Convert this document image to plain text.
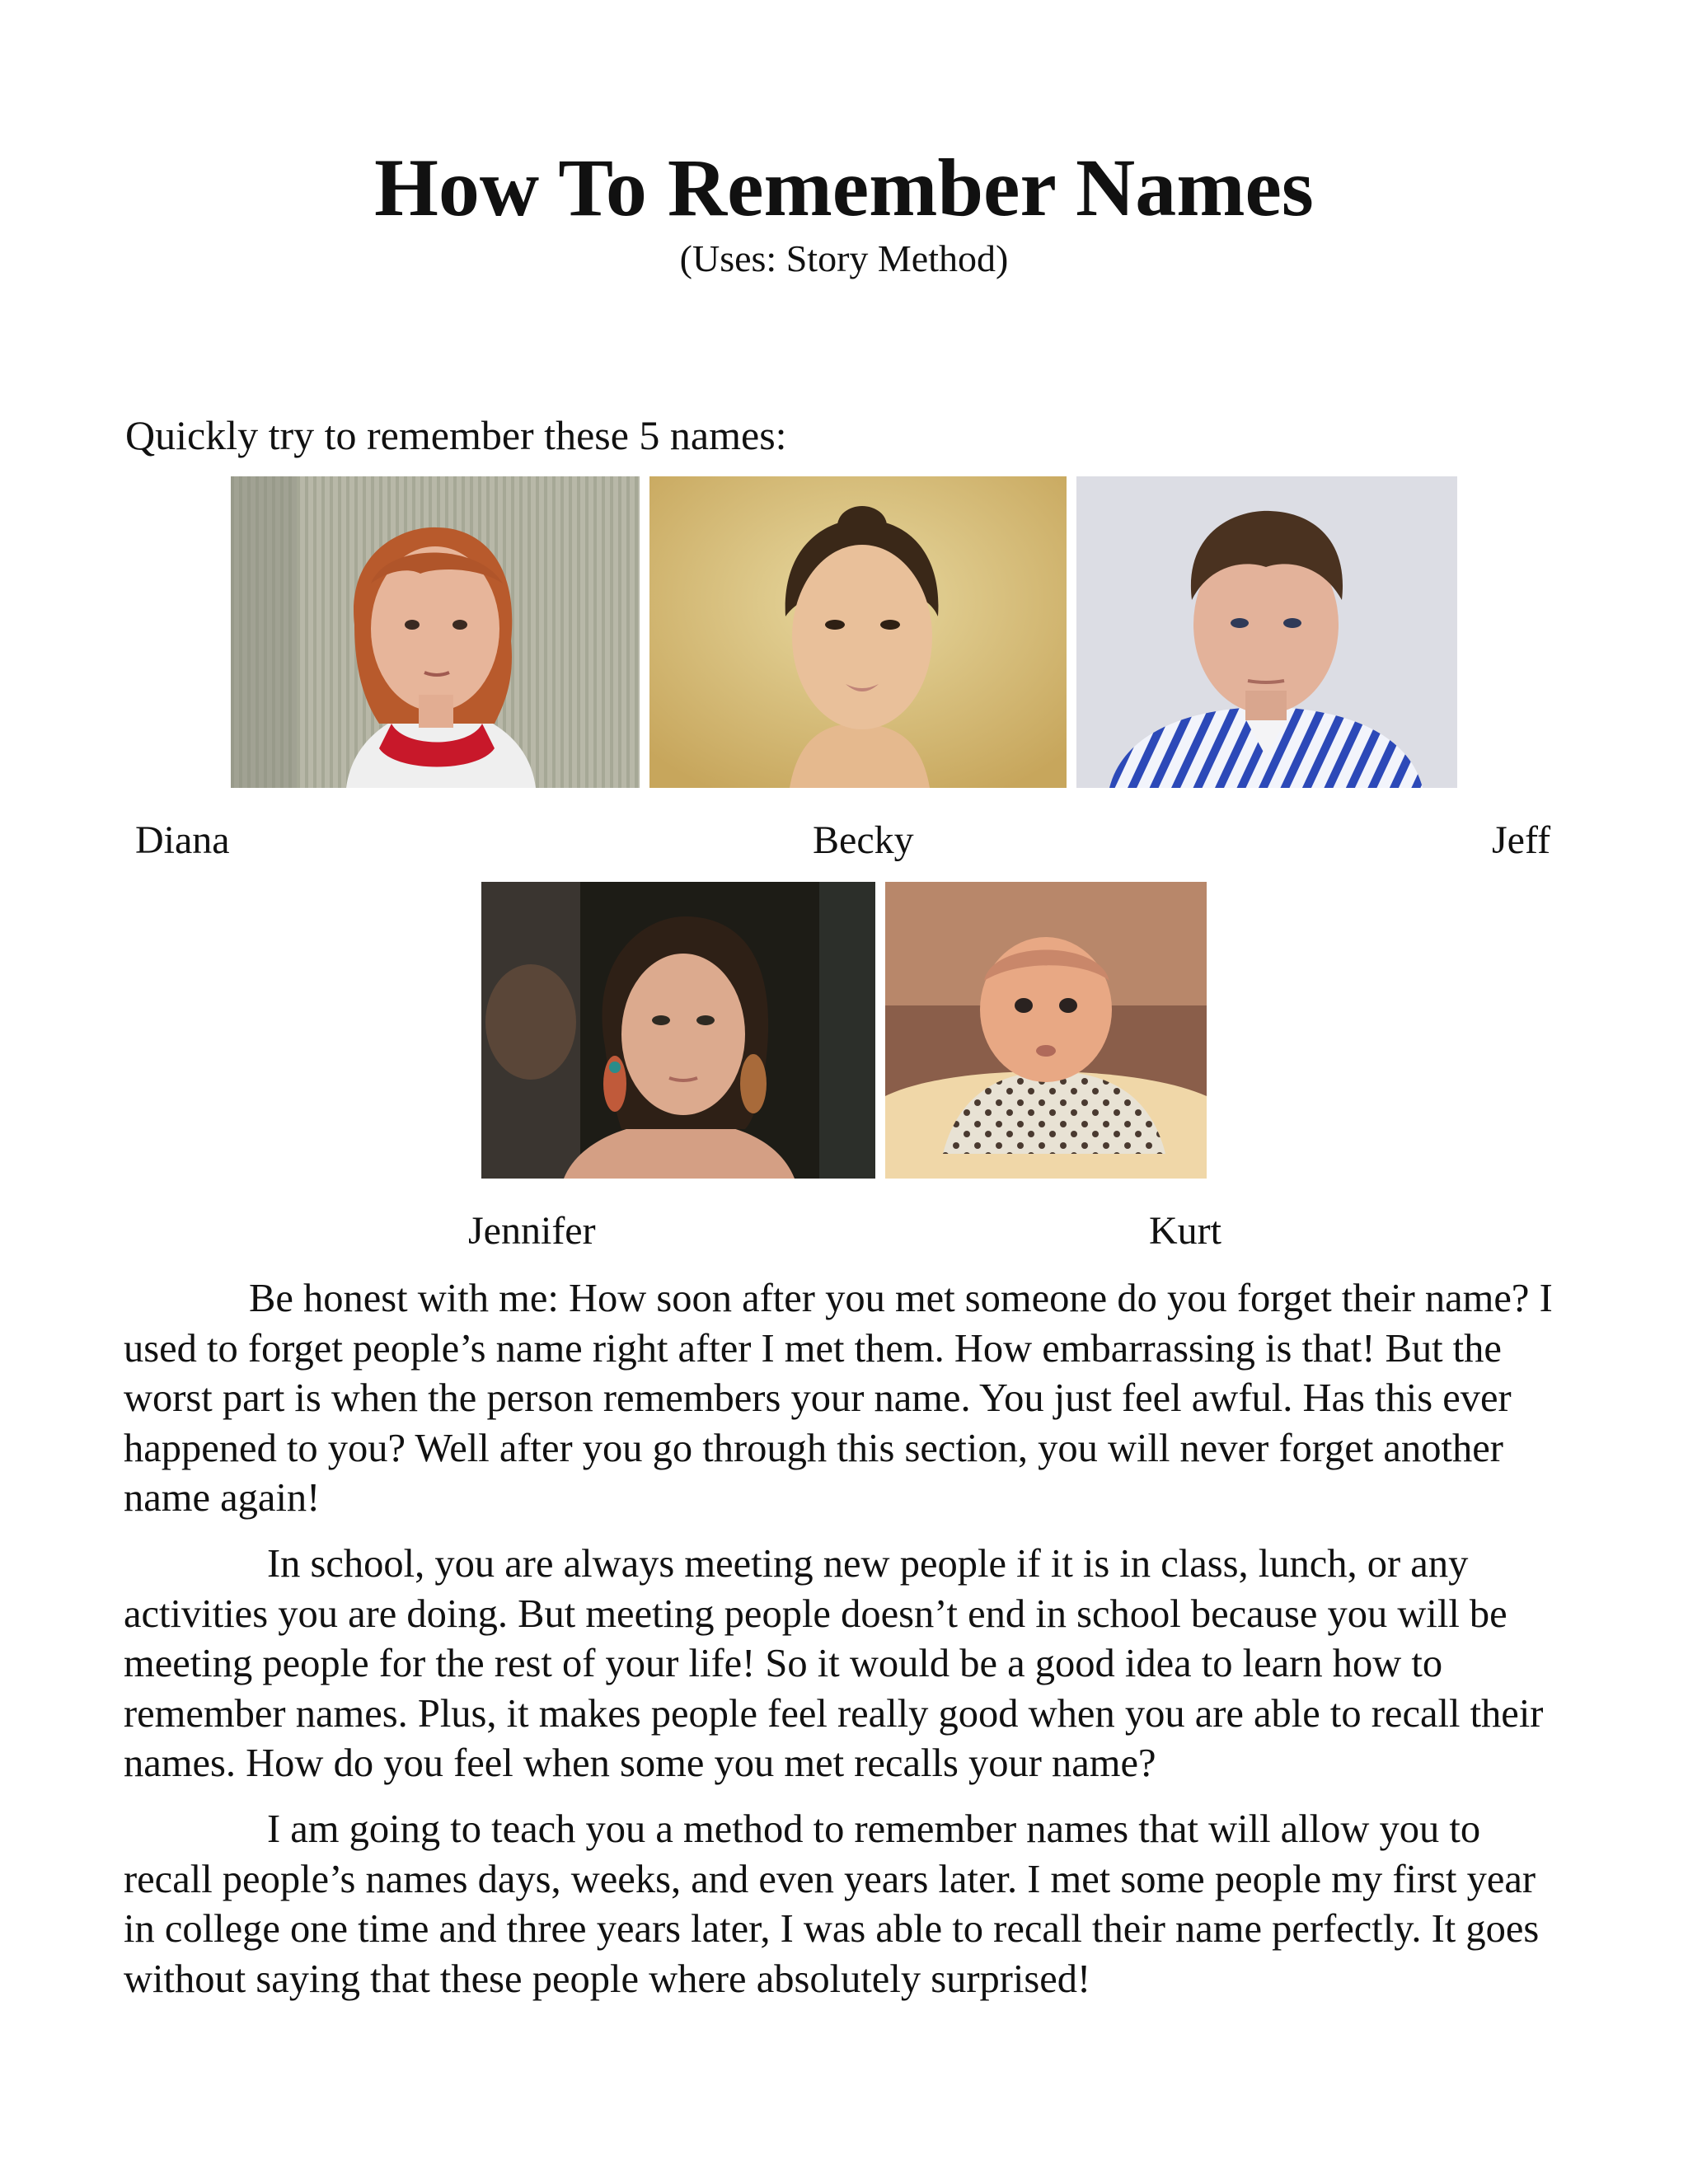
How To Remember Names
(Uses: Story Method)
Quickly try to remember these 5 names:
Diana	Becky	Jeff
Jennifer	Kurt

Be honest with me: How soon after you met someone do you forget their name? I used to forget people’s name right after I met them. How embarrassing is that! But the worst part is when the person remembers your name. You just feel awful. Has this ever happened to you? Well after you go through this section, you will never forget another name again!

In school, you are always meeting new people if it is in class, lunch, or any activities you are doing. But meeting people doesn’t end in school because you will be meeting people for the rest of your life! So it would be a good idea to learn how to remember names. Plus, it makes people feel really good when you are able to recall their names. How do you feel when some you met recalls your name?

I am going to teach you a method to remember names that will allow you to recall people’s names days, weeks, and even years later. I met some people my first year in college one time and three years later, I was able to recall their name perfectly. It goes without saying that these people where absolutely surprised!
